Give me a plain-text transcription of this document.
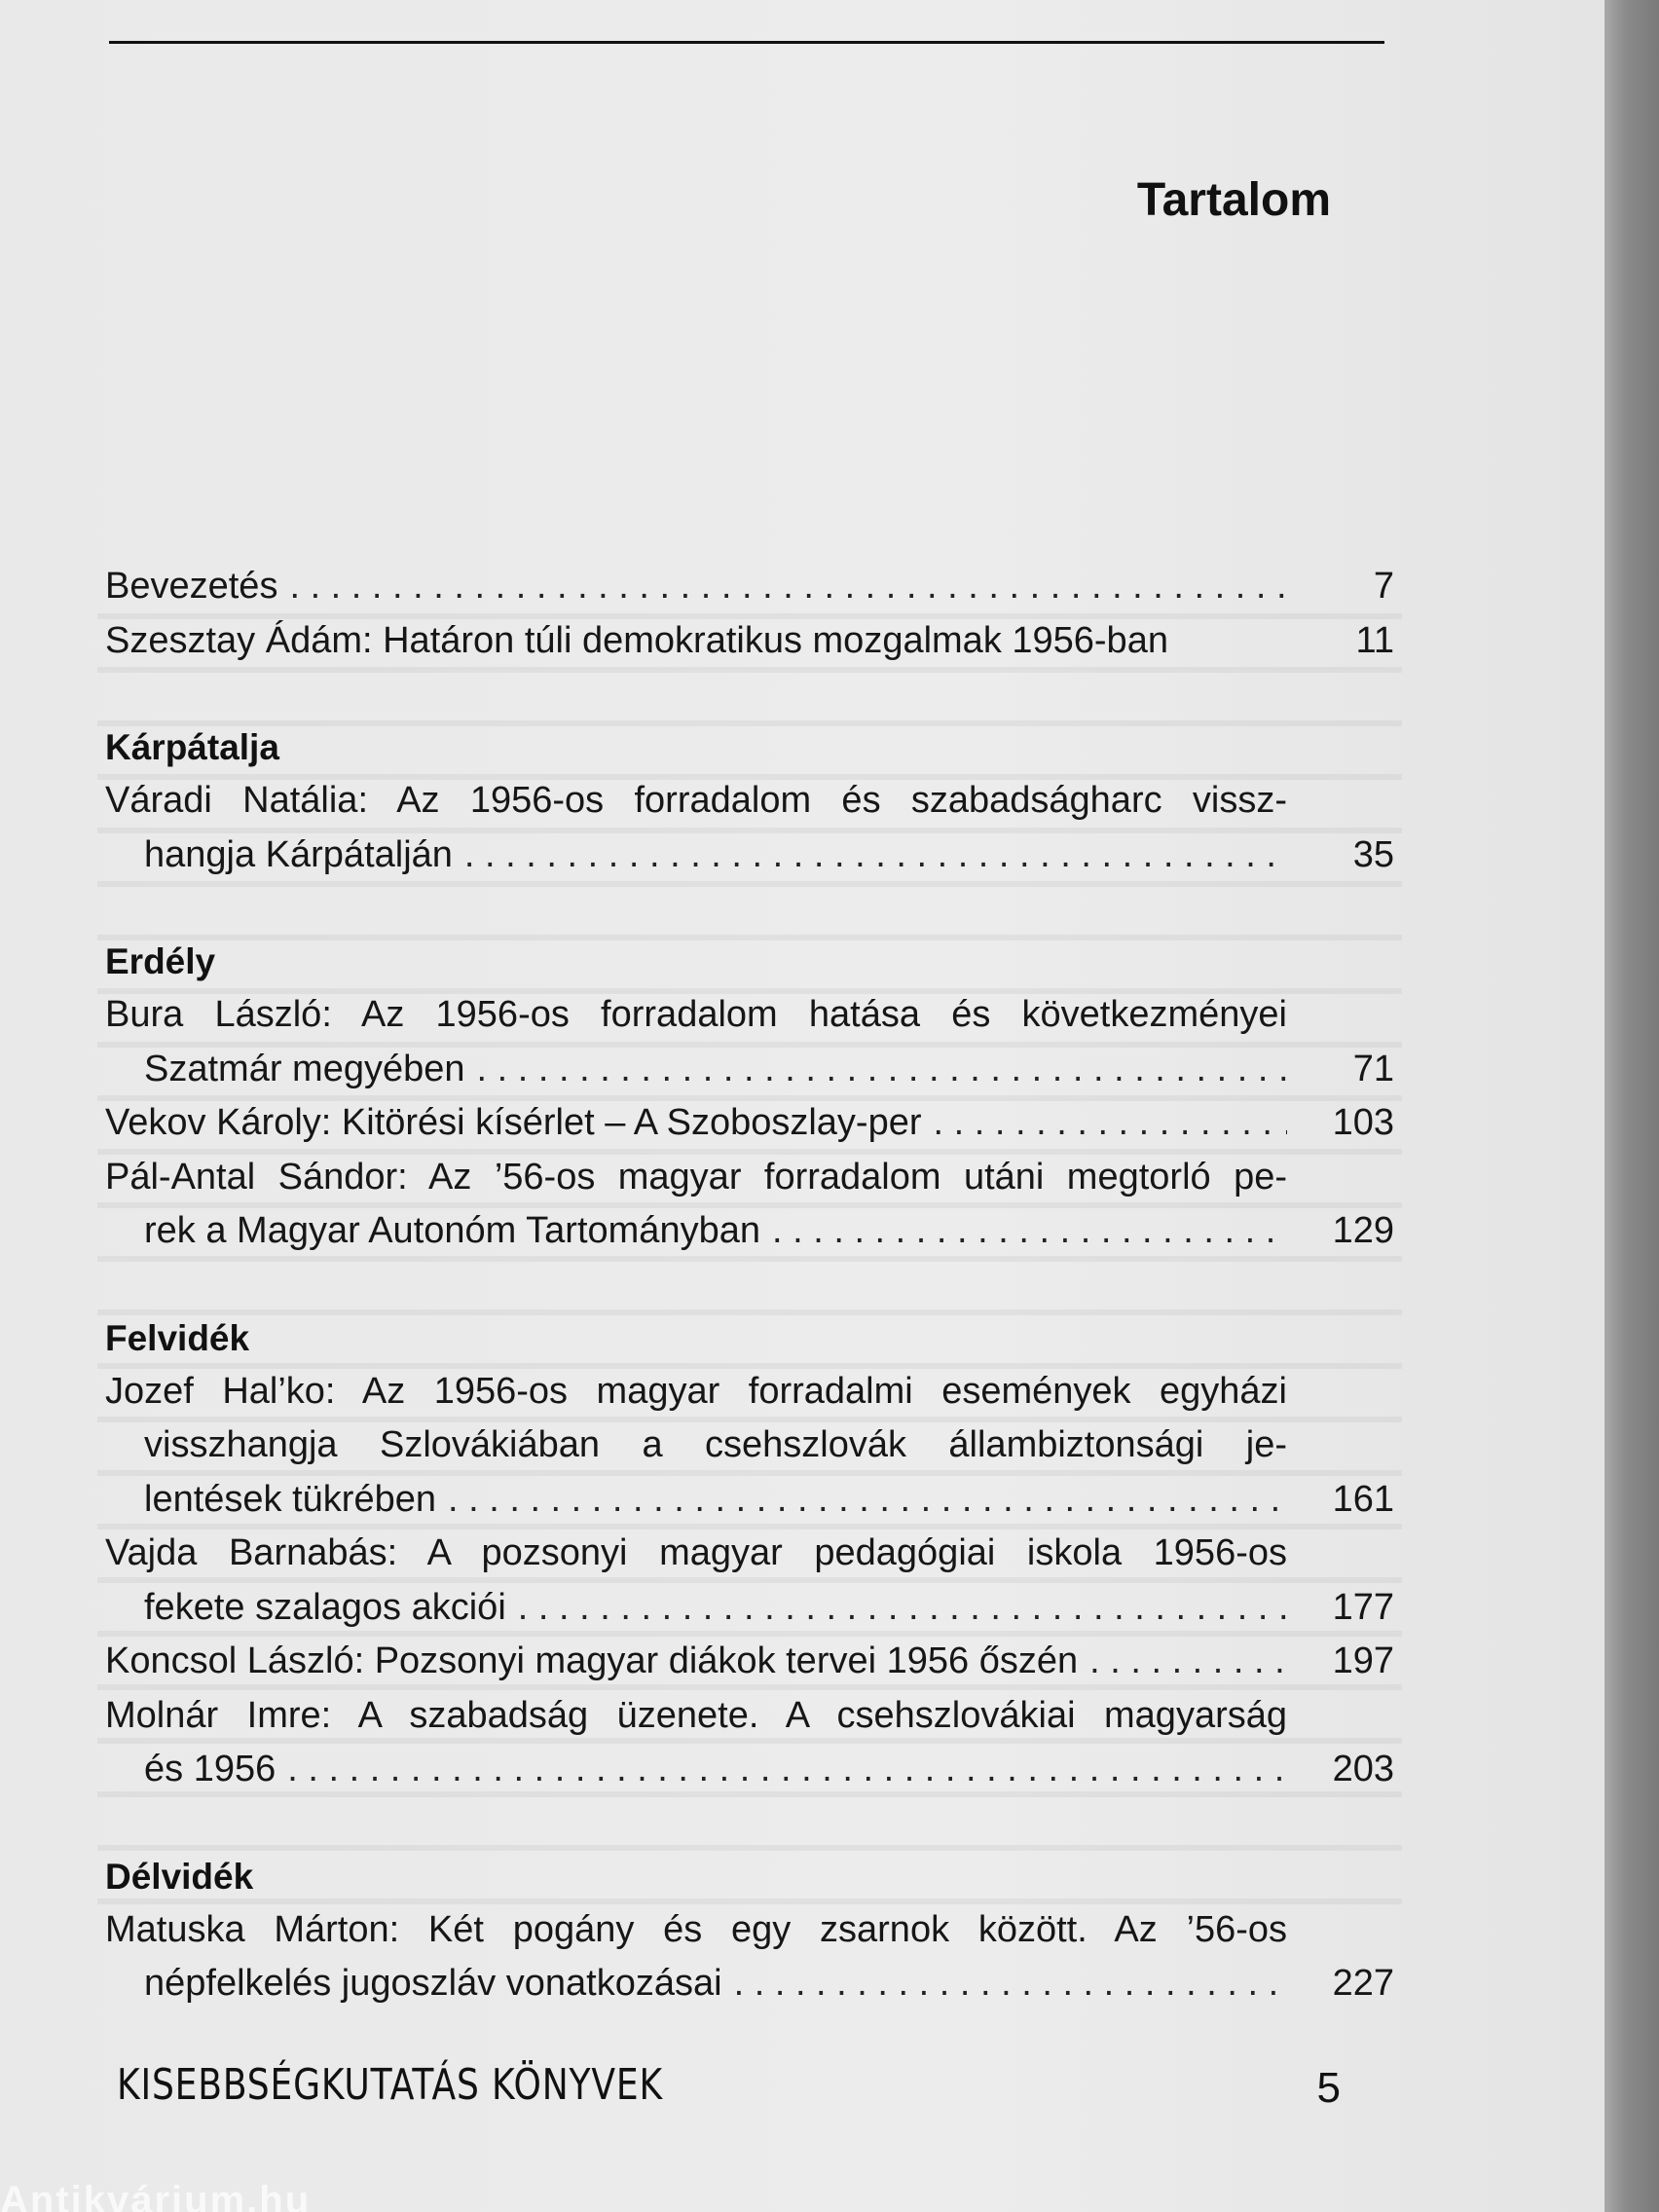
Tartalom
Bevezetés . . .	7
Szesztay Ádám: Határon túli demokratikus mozgalmak 1956-ban	11
Kárpátalja
Váradi Natália: Az 1956-os forradalom és szabadságharc vissz-
hangja Kárpátalján . . .	35
Erdély
Bura László: Az 1956-os forradalom hatása és következményei
Szatmár megyében . . .	71
Vekov Károly: Kitörési kísérlet – A Szoboszlay-per . . .	103
Pál-Antal Sándor: Az ’56-os magyar forradalom utáni megtorló pe-
rek a Magyar Autonóm Tartományban . . .	129
Felvidék
Jozef Hal’ko: Az 1956-os magyar forradalmi események egyházi
visszhangja Szlovákiában a csehszlovák állambiztonsági je-
lentések tükrében . . .	161
Vajda Barnabás: A pozsonyi magyar pedagógiai iskola 1956-os
fekete szalagos akciói . . .	177
Koncsol László: Pozsonyi magyar diákok tervei 1956 őszén . . .	197
Molnár Imre: A szabadság üzenete. A csehszlovákiai magyarság
és 1956 . . .	203
Délvidék
Matuska Márton: Két pogány és egy zsarnok között. Az ’56-os
népfelkelés jugoszláv vonatkozásai . . .	227
KISEBBSÉGKUTATÁS KÖNYVEK	5
Antikvárium.hu
